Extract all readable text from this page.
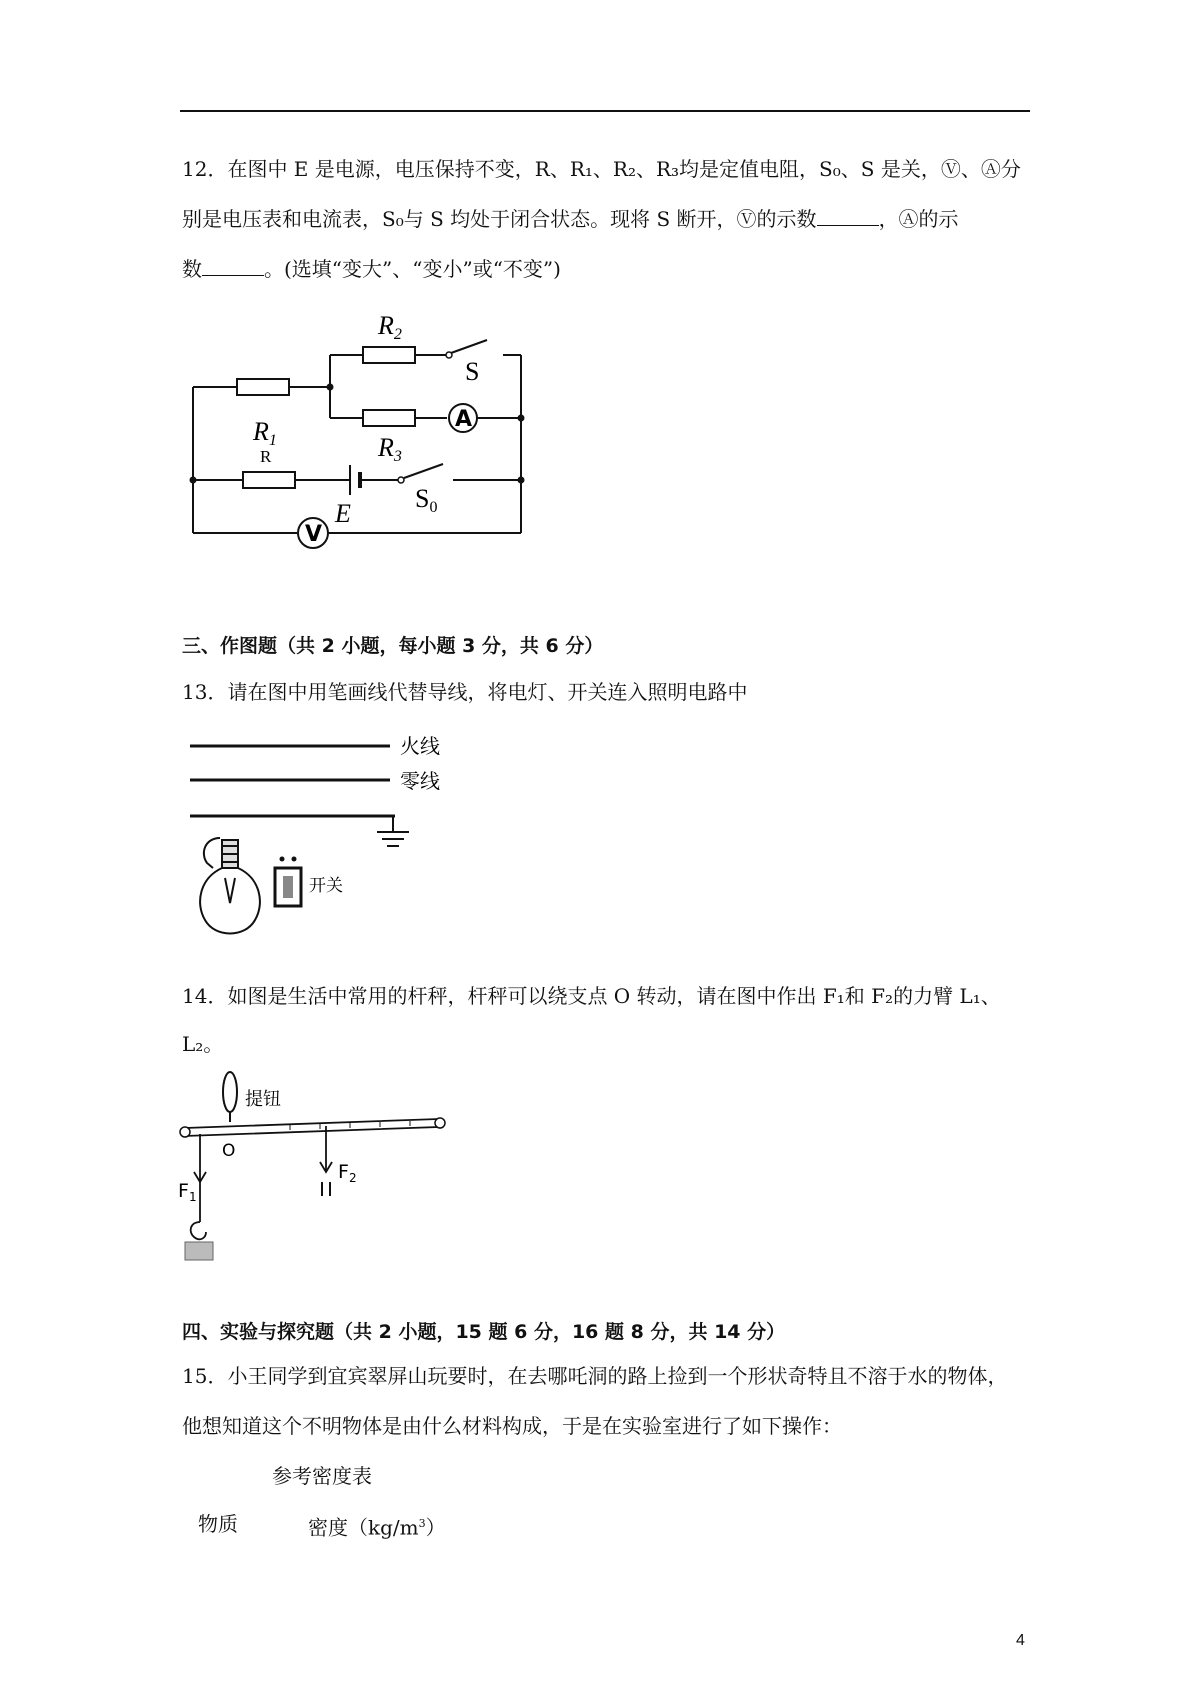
12．在图中 E 是电源，电压保持不变，R、R₁、R₂、R₃均是定值电阻，S₀、S 是关，Ⓥ、Ⓐ分
别是电压表和电流表，S₀与 S 均处于闭合状态。现将 S 断开，Ⓥ的示数	，Ⓐ的示
数	。(选填“变大”、“变小”或“不变”)
R1
R2
R3
R
S
S0
E
A
V
三、作图题（共 2 小题，每小题 3 分，共 6 分）
13．请在图中用笔画线代替导线，将电灯、开关连入照明电路中
火线
零线
开关
14．如图是生活中常用的杆秤，杆秤可以绕支点 O 转动，请在图中作出 F₁和 F₂的力臂 L₁、
L₂。
提钮
O
$F_1$
$F_2$
四、实验与探究题（共 2 小题，15 题 6 分，16 题 8 分，共 14 分）
15．小王同学到宜宾翠屏山玩要时，在去哪吒洞的路上捡到一个形状奇特且不溶于水的物体，
他想知道这个不明物体是由什么材料构成，于是在实验室进行了如下操作：
参考密度表
物质	密度$(kg/m^3)$
4
